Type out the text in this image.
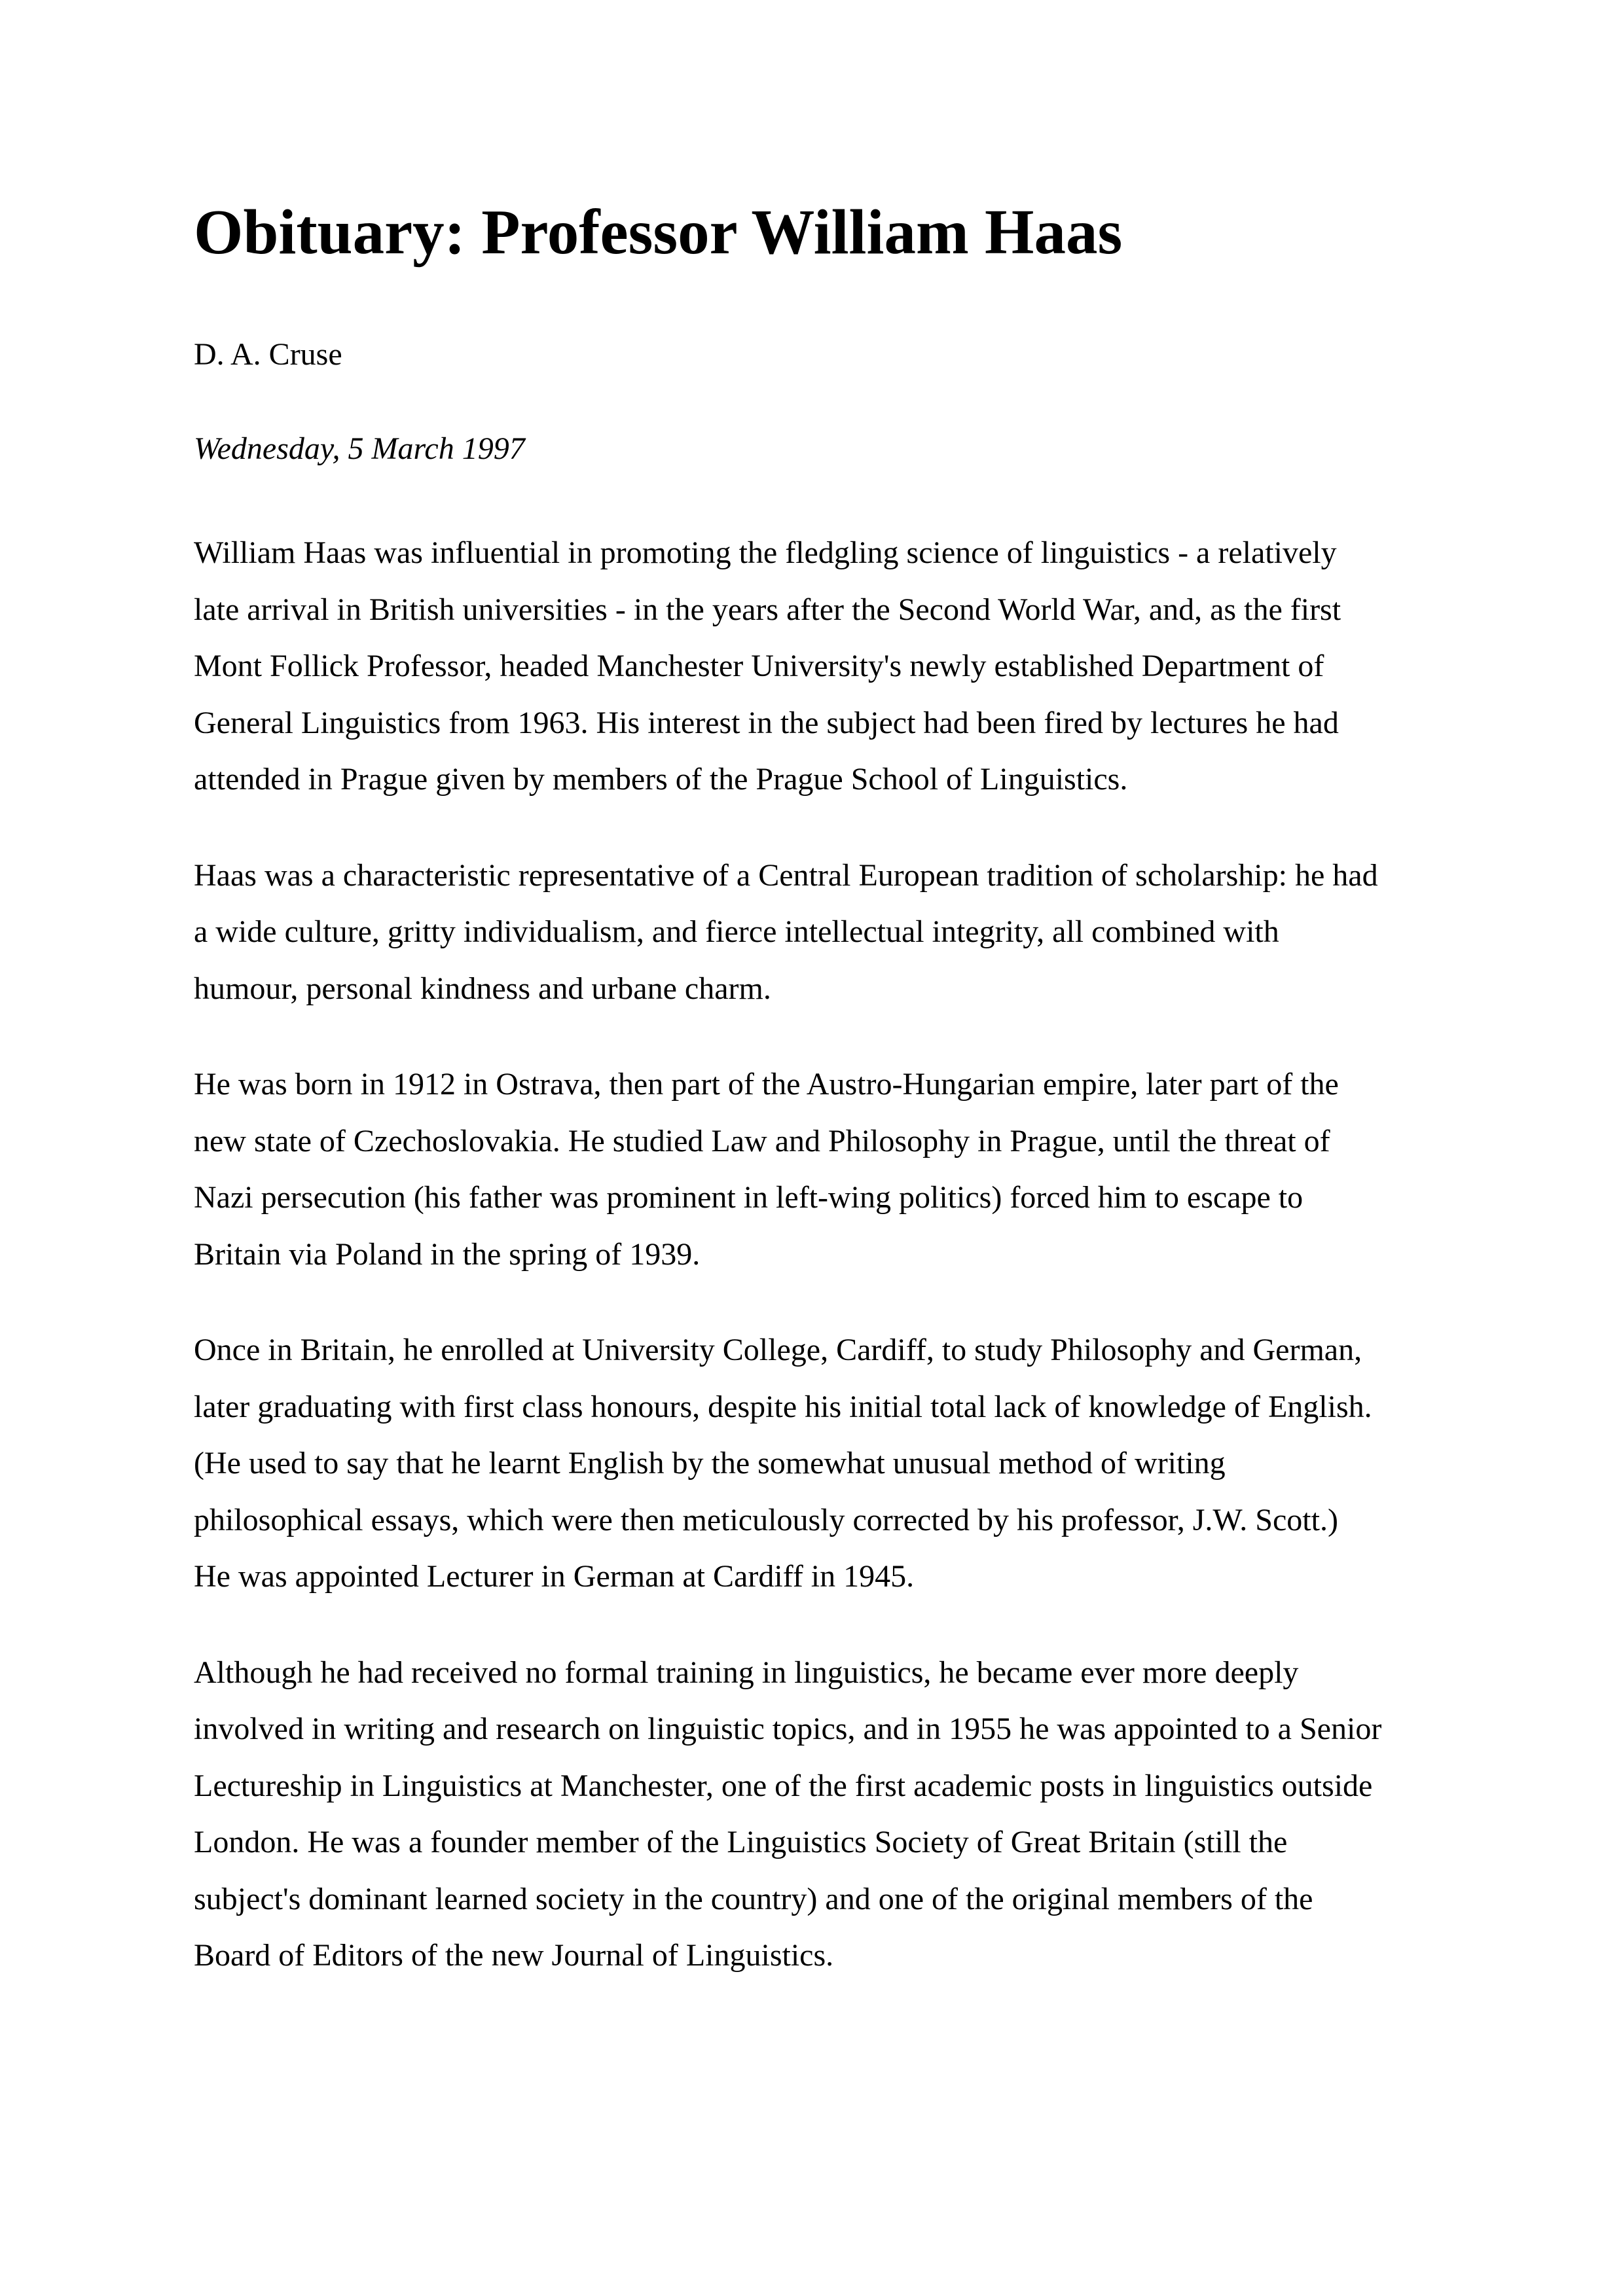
Obituary: Professor William Haas
D. A. Cruse
Wednesday, 5 March 1997

William Haas was influential in promoting the fledgling science of linguistics - a relatively
late arrival in British universities - in the years after the Second World War, and, as the first
Mont Follick Professor, headed Manchester University's newly established Department of
General Linguistics from 1963. His interest in the subject had been fired by lectures he had
attended in Prague given by members of the Prague School of Linguistics.

Haas was a characteristic representative of a Central European tradition of scholarship: he had
a wide culture, gritty individualism, and fierce intellectual integrity, all combined with
humour, personal kindness and urbane charm.

He was born in 1912 in Ostrava, then part of the Austro-Hungarian empire, later part of the
new state of Czechoslovakia. He studied Law and Philosophy in Prague, until the threat of
Nazi persecution (his father was prominent in left-wing politics) forced him to escape to
Britain via Poland in the spring of 1939.

Once in Britain, he enrolled at University College, Cardiff, to study Philosophy and German,
later graduating with first class honours, despite his initial total lack of knowledge of English.
(He used to say that he learnt English by the somewhat unusual method of writing
philosophical essays, which were then meticulously corrected by his professor, J.W. Scott.)
He was appointed Lecturer in German at Cardiff in 1945.

Although he had received no formal training in linguistics, he became ever more deeply
involved in writing and research on linguistic topics, and in 1955 he was appointed to a Senior
Lectureship in Linguistics at Manchester, one of the first academic posts in linguistics outside
London. He was a founder member of the Linguistics Society of Great Britain (still the
subject's dominant learned society in the country) and one of the original members of the
Board of Editors of the new Journal of Linguistics.
